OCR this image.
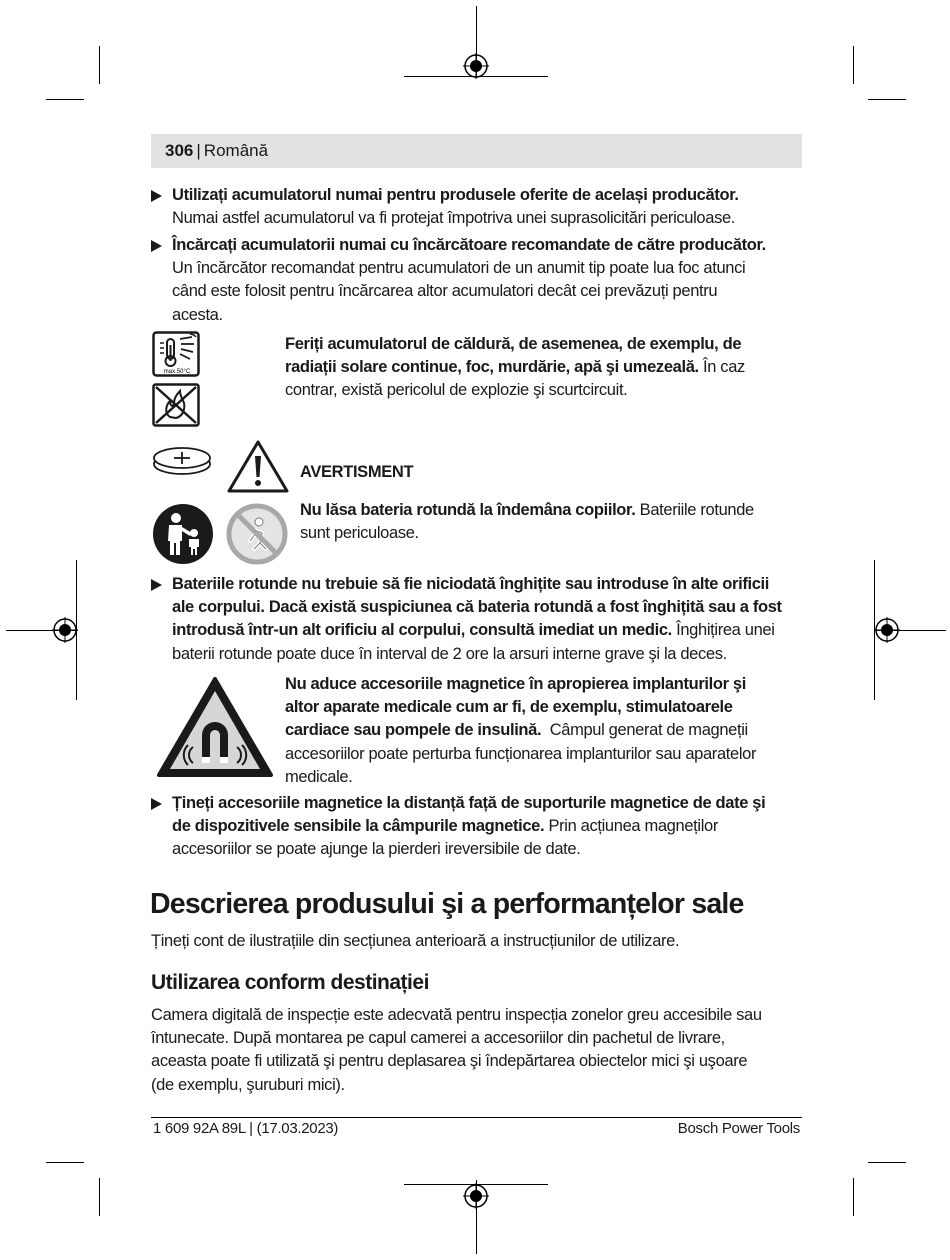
306 | Română
Utilizați acumulatorul numai pentru produsele oferite de același producător.
Numai astfel acumulatorul va fi protejat împotriva unei suprasolicitări periculoase.
Încărcați acumulatorii numai cu încărcătoare recomandate de către producător.
Un încărcător recomandat pentru acumulatori de un anumit tip poate lua foc atunci
când este folosit pentru încărcarea altor acumulatori decât cei prevăzuți pentru
acesta.
max.50°C
Feriți acumulatorul de căldură, de asemenea, de exemplu, de
radiații solare continue, foc, murdărie, apă şi umezeală. În caz
contrar, există pericolul de explozie şi scurtcircuit.
AVERTISMENT
Nu lăsa bateria rotundă la îndemâna copiilor. Bateriile rotunde
sunt periculoase.
Bateriile rotunde nu trebuie să fie niciodată înghițite sau introduse în alte orificii
ale corpului. Dacă există suspiciunea că bateria rotundă a fost înghițită sau a fost
introdusă într-un alt orificiu al corpului, consultă imediat un medic. Înghițirea unei
baterii rotunde poate duce în interval de 2 ore la arsuri interne grave şi la deces.
Nu aduce accesoriile magnetice în apropierea implanturilor şi
altor aparate medicale cum ar fi, de exemplu, stimulatoarele
cardiace sau pompele de insulină. Câmpul generat de magneții
accesoriilor poate perturba funcționarea implanturilor sau aparatelor
medicale.
Țineți accesoriile magnetice la distanță față de suporturile magnetice de date şi
de dispozitivele sensibile la câmpurile magnetice. Prin acțiunea magneților
accesoriilor se poate ajunge la pierderi ireversibile de date.
Descrierea produsului şi a performanțelor sale
Țineți cont de ilustrațiile din secțiunea anterioară a instrucțiunilor de utilizare.
Utilizarea conform destinației
Camera digitală de inspecție este adecvată pentru inspecția zonelor greu accesibile sau
întunecate. După montarea pe capul camerei a accesoriilor din pachetul de livrare,
aceasta poate fi utilizată şi pentru deplasarea şi îndepărtarea obiectelor mici şi uşoare
(de exemplu, şuruburi mici).
1 609 92A 89L | (17.03.2023)	Bosch Power Tools
